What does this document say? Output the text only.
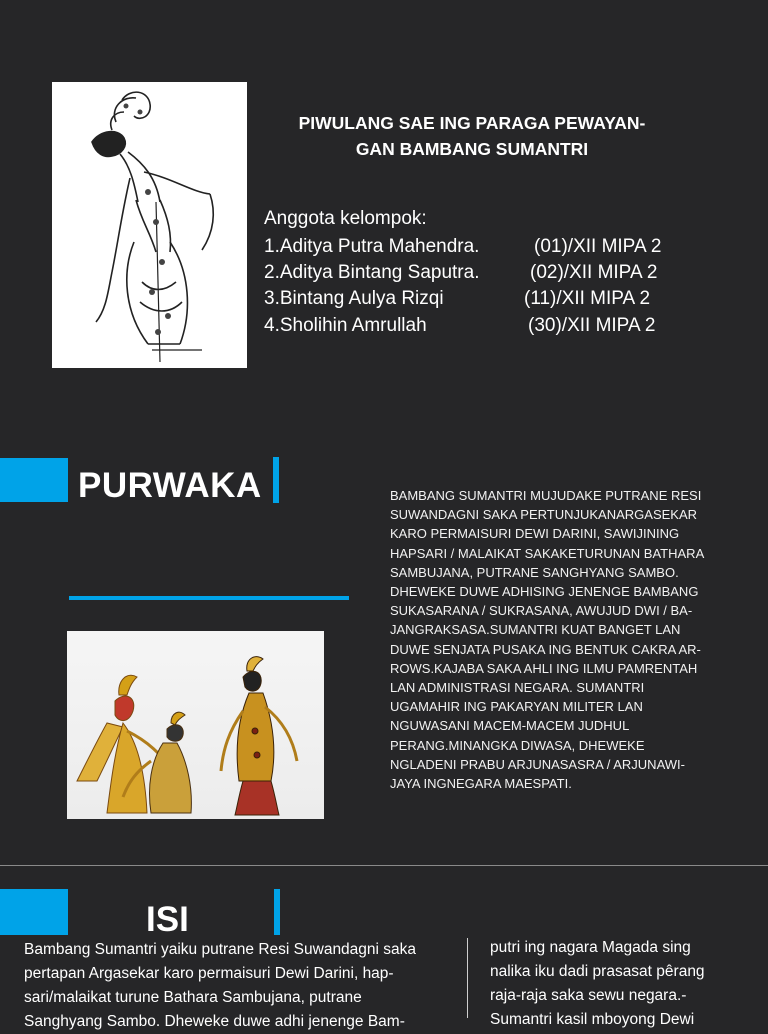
PIWULANG SAE ING PARAGA PEWAYAN-
GAN BAMBANG SUMANTRI
Anggota kelompok:
1.Aditya Putra Mahendra.	(01)/XII MIPA 2
2.Aditya Bintang Saputra.	(02)/XII MIPA 2
3.Bintang Aulya Rizqi	(11)/XII MIPA 2
4.Sholihin Amrullah	(30)/XII MIPA 2
PURWAKA	BAMBANG SUMANTRI MUJUDAKE PUTRANE RESI
SUWANDAGNI SAKA PERTUNJUKANARGASEKAR
KARO PERMAISURI DEWI DARINI, SAWIJINING
HAPSARI / MALAIKAT SAKAKETURUNAN BATHARA
SAMBUJANA, PUTRANE SANGHYANG SAMBO.
DHEWEKE DUWE ADHISING JENENGE BAMBANG
SUKASARANA / SUKRASANA, AWUJUD DWI / BA-
JANGRAKSASA.SUMANTRI KUAT BANGET LAN
DUWE SENJATA PUSAKA ING BENTUK CAKRA AR-
ROWS.KAJABA SAKA AHLI ING ILMU PAMRENTAH
LAN ADMINISTRASI NEGARA. SUMANTRI
UGAMAHIR ING PAKARYAN MILITER LAN
NGUWASANI MACEM-MACEM JUDHUL
PERANG.MINANGKA DIWASA, DHEWEKE
NGLADENI PRABU ARJUNASASRA / ARJUNAWI-
JAYA INGNEGARA MAESPATI.
ISI
Bambang Sumantri yaiku putrane Resi Suwandagni saka
pertapan Argasekar karo permaisuri Dewi Darini, hap-
sari/malaikat turune Bathara Sambujana, putrane
Sanghyang Sambo. Dheweke duwe adhi jenenge Bam-
putri ing nagara Magada sing
nalika iku dadi prasasat pêrang
raja-raja saka sewu negara.-
Sumantri kasil mboyong Dewi
